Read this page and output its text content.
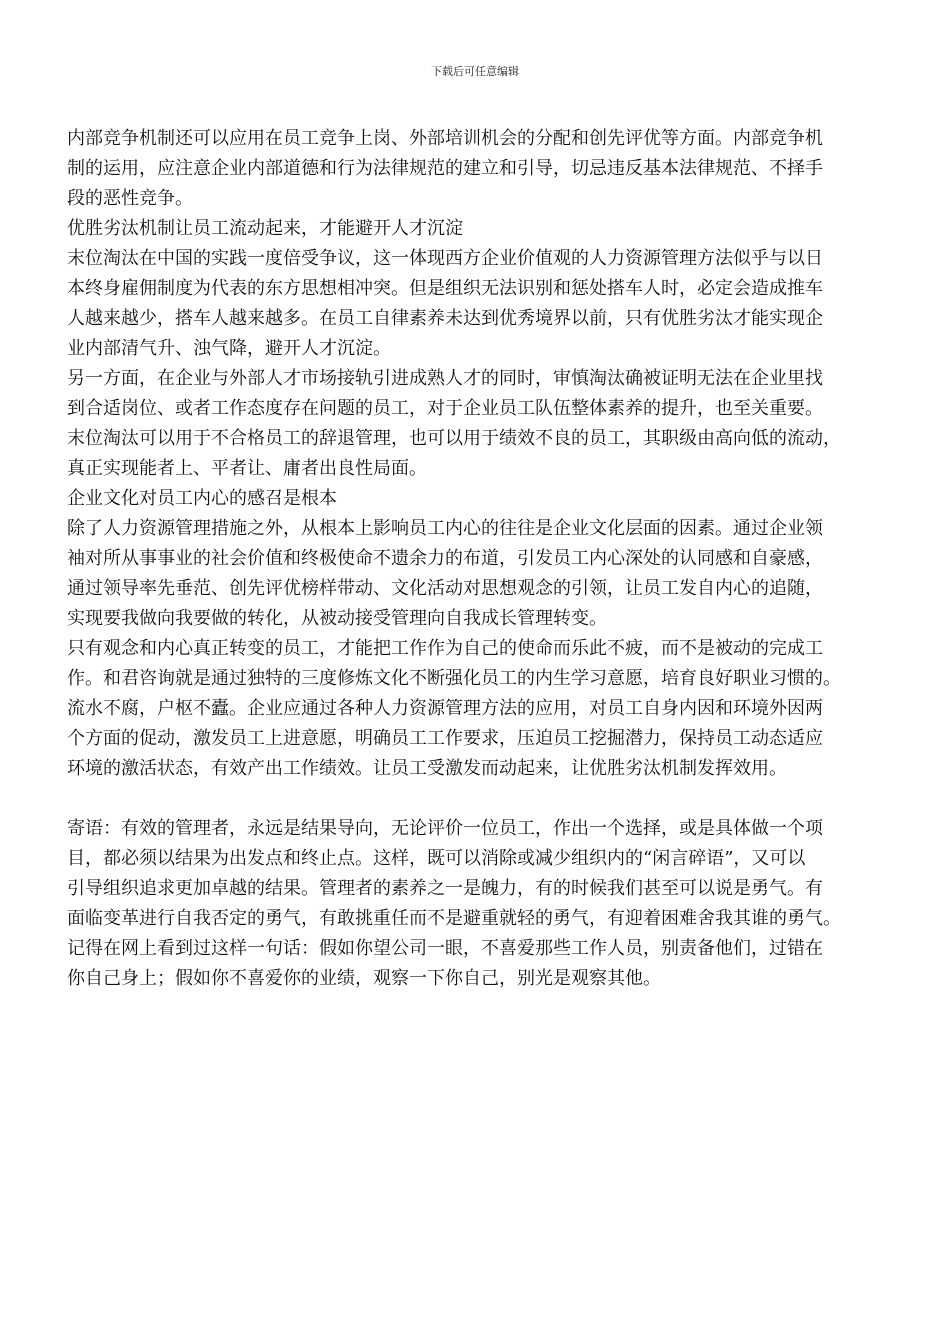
下载后可任意编辑
内部竞争机制还可以应用在员工竞争上岗、外部培训机会的分配和创先评优等方面。内部竞争机
制的运用，应注意企业内部道德和行为法律规范的建立和引导，切忌违反基本法律规范、不择手
段的恶性竞争。
优胜劣汰机制让员工流动起来，才能避开人才沉淀
末位淘汰在中国的实践一度倍受争议，这一体现西方企业价值观的人力资源管理方法似乎与以日
本终身雇佣制度为代表的东方思想相冲突。但是组织无法识别和惩处搭车人时，必定会造成推车
人越来越少，搭车人越来越多。在员工自律素养未达到优秀境界以前，只有优胜劣汰才能实现企
业内部清气升、浊气降，避开人才沉淀。
另一方面，在企业与外部人才市场接轨引进成熟人才的同时，审慎淘汰确被证明无法在企业里找
到合适岗位、或者工作态度存在问题的员工，对于企业员工队伍整体素养的提升，也至关重要。
末位淘汰可以用于不合格员工的辞退管理，也可以用于绩效不良的员工，其职级由高向低的流动，
真正实现能者上、平者让、庸者出良性局面。
企业文化对员工内心的感召是根本
除了人力资源管理措施之外，从根本上影响员工内心的往往是企业文化层面的因素。通过企业领
袖对所从事事业的社会价值和终极使命不遗余力的布道，引发员工内心深处的认同感和自豪感，
通过领导率先垂范、创先评优榜样带动、文化活动对思想观念的引领，让员工发自内心的追随，
实现要我做向我要做的转化，从被动接受管理向自我成长管理转变。
只有观念和内心真正转变的员工，才能把工作作为自己的使命而乐此不疲，而不是被动的完成工
作。和君咨询就是通过独特的三度修炼文化不断强化员工的内生学习意愿，培育良好职业习惯的。
流水不腐，户枢不蠹。企业应通过各种人力资源管理方法的应用，对员工自身内因和环境外因两
个方面的促动，激发员工上进意愿，明确员工工作要求，压迫员工挖掘潜力，保持员工动态适应
环境的激活状态，有效产出工作绩效。让员工受激发而动起来，让优胜劣汰机制发挥效用。
寄语：有效的管理者，永远是结果导向，无论评价一位员工，作出一个选择，或是具体做一个项
目，都必须以结果为出发点和终止点。这样，既可以消除或减少组织内的“闲言碎语”，又可以
引导组织追求更加卓越的结果。管理者的素养之一是魄力，有的时候我们甚至可以说是勇气。有
面临变革进行自我否定的勇气，有敢挑重任而不是避重就轻的勇气，有迎着困难舍我其谁的勇气。
记得在网上看到过这样一句话：假如你望公司一眼，不喜爱那些工作人员，别责备他们，过错在
你自己身上；假如你不喜爱你的业绩，观察一下你自己，别光是观察其他。
